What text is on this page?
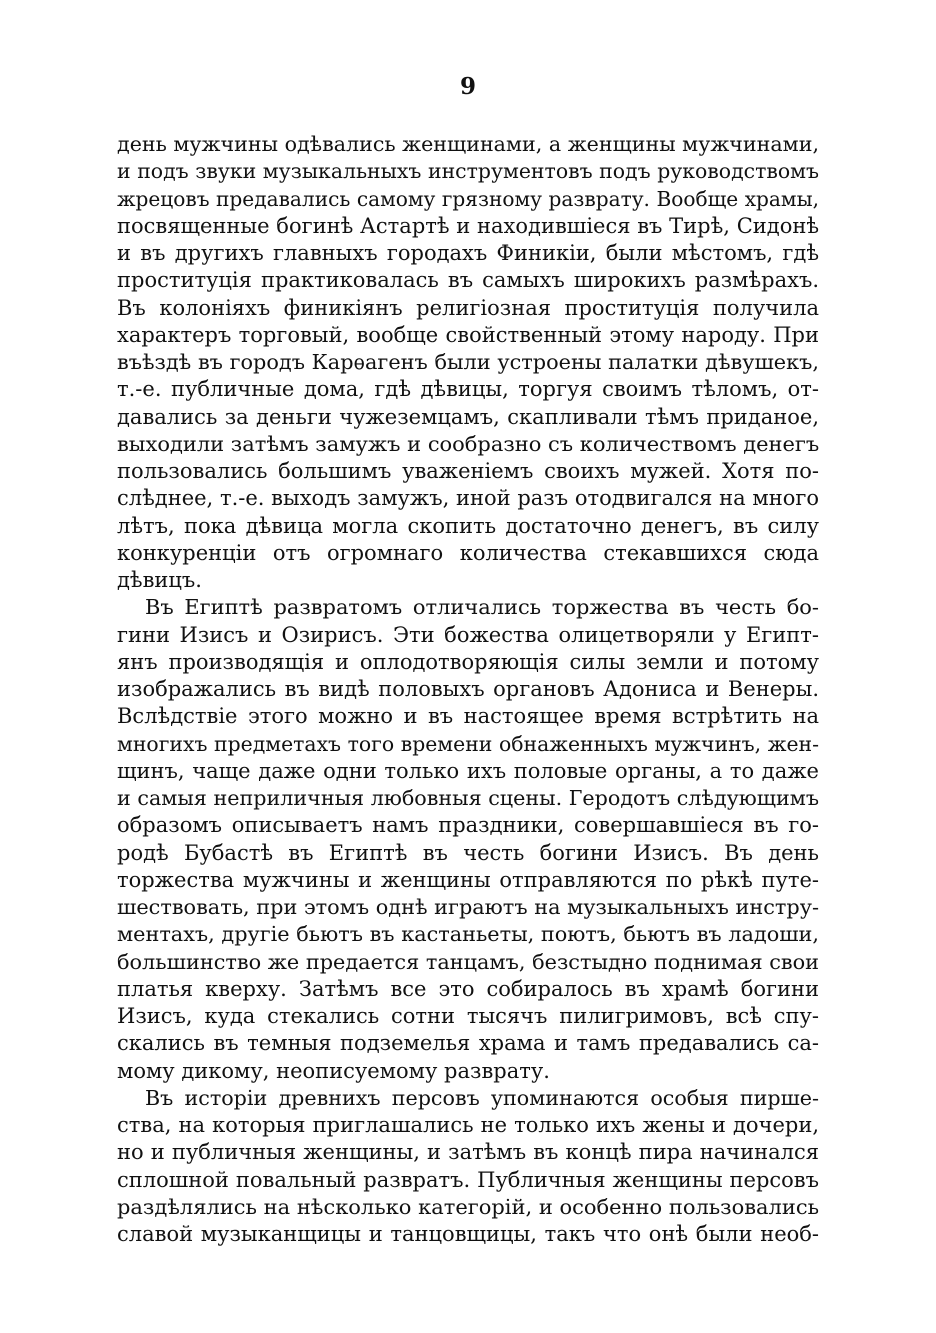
9
день мужчины одѣвались женщинами, а женщины мужчинами,
и подъ звуки музыкальныхъ инструментовъ подъ руководствомъ
жрецовъ предавались самому грязному разврату. Вообще храмы,
посвященные богинѣ Астартѣ и находившіеся въ Тирѣ, Сидонѣ
и въ другихъ главныхъ городахъ Финикіи, были мѣстомъ, гдѣ
проституція практиковалась въ самыхъ широкихъ размѣрахъ.
Въ колоніяхъ финикіянъ религіозная проституція получила
характеръ торговый, вообще свойственный этому народу. При
въѣздѣ въ городъ Карѳагенъ были устроены палатки дѣвушекъ,
т.-е. публичные дома, гдѣ дѣвицы, торгуя своимъ тѣломъ, от-
давались за деньги чужеземцамъ, скапливали тѣмъ приданое,
выходили затѣмъ замужъ и сообразно съ количествомъ денегъ
пользовались большимъ уваженіемъ своихъ мужей. Хотя по-
слѣднее, т.-е. выходъ замужъ, иной разъ отодвигался на много
лѣтъ, пока дѣвица могла скопить достаточно денегъ, въ силу
конкуренціи отъ огромнаго количества стекавшихся сюда
дѣвицъ.
Въ Египтѣ развратомъ отличались торжества въ честь бо-
гини Изисъ и Озирисъ. Эти божества олицетворяли у Египт-
янъ производящія и оплодотворяющія силы земли и потому
изображались въ видѣ половыхъ органовъ Адониса и Венеры.
Вслѣдствіе этого можно и въ настоящее время встрѣтить на
многихъ предметахъ того времени обнаженныхъ мужчинъ, жен-
щинъ, чаще даже одни только ихъ половые органы, а то даже
и самыя неприличныя любовныя сцены. Геродотъ слѣдующимъ
образомъ описываетъ намъ праздники, совершавшіеся въ го-
родѣ Бубастѣ въ Египтѣ въ честь богини Изисъ. Въ день
торжества мужчины и женщины отправляются по рѣкѣ путе-
шествовать, при этомъ однѣ играютъ на музыкальныхъ инстру-
ментахъ, другіе бьютъ въ кастаньеты, поютъ, бьютъ въ ладоши,
большинство же предается танцамъ, безстыдно поднимая свои
платья кверху. Затѣмъ все это собиралось въ храмѣ богини
Изисъ, куда стекались сотни тысячъ пилигримовъ, всѣ спу-
скались въ темныя подземелья храма и тамъ предавались са-
мому дикому, неописуемому разврату.
Въ исторіи древнихъ персовъ упоминаются особыя пирше-
ства, на которыя приглашались не только ихъ жены и дочери,
но и публичныя женщины, и затѣмъ въ концѣ пира начинался
сплошной повальный развратъ. Публичныя женщины персовъ
раздѣлялись на нѣсколько категорій, и особенно пользовались
славой музыканщицы и танцовщицы, такъ что онѣ были необ-
